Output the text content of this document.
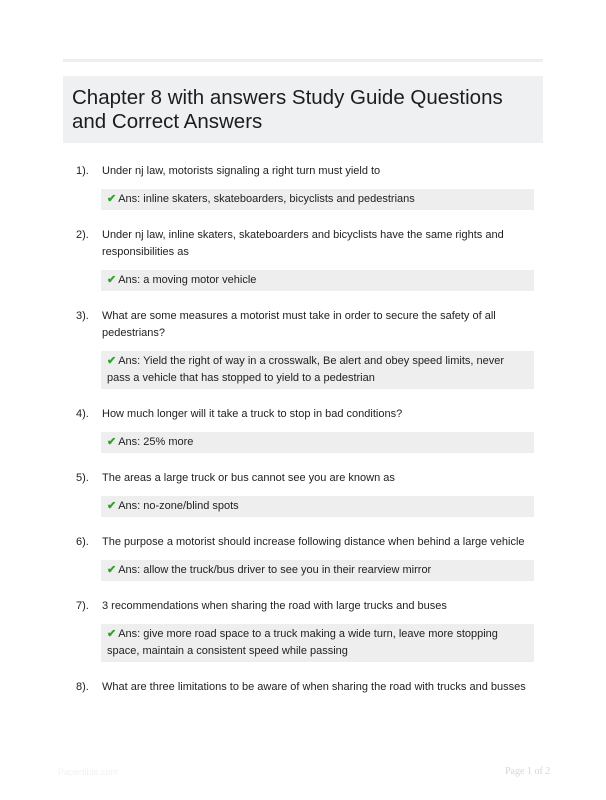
Chapter 8 with answers Study Guide Questions and Correct Answers
1). Under nj law, motorists signaling a right turn must yield to
✔ Ans: inline skaters, skateboarders, bicyclists and pedestrians
2). Under nj law, inline skaters, skateboarders and bicyclists have the same rights and responsibilities as
✔ Ans: a moving motor vehicle
3). What are some measures a motorist must take in order to secure the safety of all pedestrians?
✔ Ans: Yield the right of way in a crosswalk, Be alert and obey speed limits, never pass a vehicle that has stopped to yield to a pedestrian
4). How much longer will it take a truck to stop in bad conditions?
✔ Ans: 25% more
5). The areas a large truck or bus cannot see you are known as
✔ Ans: no-zone/blind spots
6). The purpose a motorist should increase following distance when behind a large vehicle
✔ Ans: allow the truck/bus driver to see you in their rearview mirror
7). 3 recommendations when sharing the road with large trucks and buses
✔ Ans: give more road space to a truck making a wide turn, leave more stopping space, maintain a consistent speed while passing
8). What are three limitations to be aware of when sharing the road with trucks and busses
Papertible.com	Page 1 of 2
